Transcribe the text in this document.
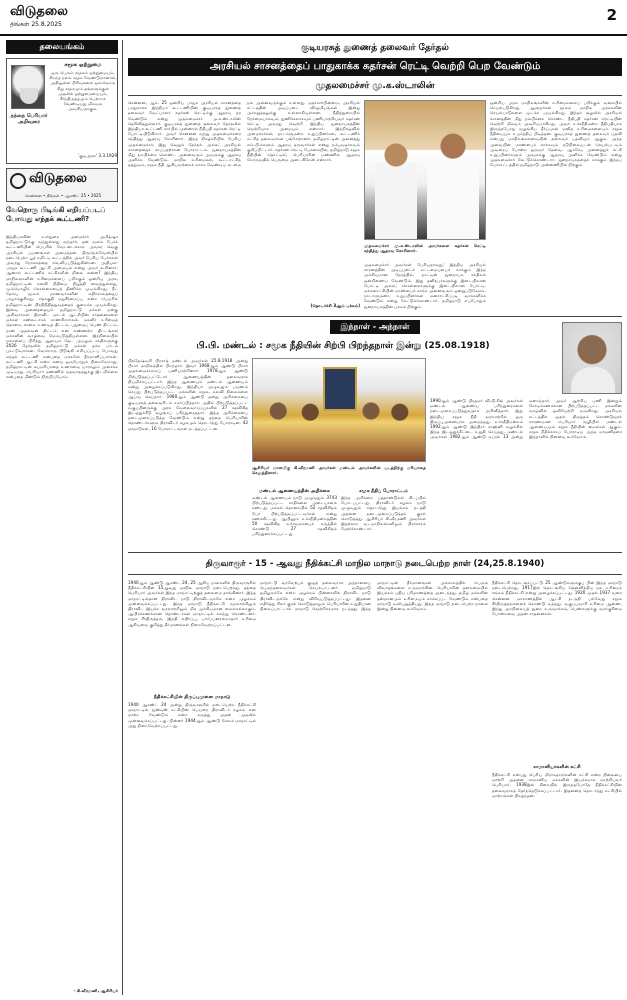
விடுதலை
திங்கள் 25.8.2025
2
தலையங்கம்
சமூக ஒற்றுமை
ஒரு பெரும் சமூகம் ஒற்றுமையும், சிறந்த நல்ல சமூக வேண்டுமானால், அதிலுள்ள பிரிவுகளை ஒவ்வொரு சிறு சமூகமும் தங்களுக்குள் முதலில் ஒற்றுமையையும், சீர்ந்திருத்தமும் பெற்றாக வேண்டியது மிகவும் அவசியமாகும்.
தந்தை பெரியார் அறிவுரை
'குடிஅரசு' 3.3.1929
விடுதலை
சென்னை • திங்கள் • ஆகஸ்ட் 25 • 2025
வேறொரு பிடிங்கி எறியப்படப் போவது எந்தக் கூட்டணி?
இந்தியாவின் உள்துறை அமைச்சர் அமித்ஷா தமிழ்நாட்டுக்கு வந்துள்ளது வந்தார், தன் வளம் பேசக் கூட்டணியின் பெயரில் வேட்டைக்காக அவசர வெகு அரசியல் பயணங்கள் அமைந்தன. திருநெல்வேலியில் நடைபெற்ற பூத் கமிட்டி கூட்டத்தில் அவர் பேசிய பேச்சுகள் அவரது நோக்கத்தை வெளிப்படுத்துகின்றன. அதிமுக-பாஜக கூட்டணி ஆட்சி அமையும் என்று அவர் கூறினார். ஆனால் கூட்டணிக் கட்சிகளின் நிலை என்ன? இந்திய மாநிலங்களின் உரிமைகளைப் பறிக்கும் ஒன்றிய அரசு, தமிழ்நாட்டின் கல்வி நிதியை நிறுத்தி வைத்துள்ளது. மும்மொழிக் கொள்கையைத் திணிக்க முயல்கிறது. நீட் தேர்வு மூலம் மாணவர்களின் எதிர்காலத்தைப் பாழாக்குகிறது. தொகுதி மறுசீரமைப்பு என்ற பெயரில் தமிழ்நாட்டின் பிரதிநிதித்துவத்தைக் குறைக்க முயல்கிறது. இவை அனைத்தையும் தமிழ்நாட்டு மக்கள் நன்கு அறிவார்கள். திராவிட மாடல் ஆட்சியின் சாதனைகளை மக்கள் கண்கூடாகக் காண்கிறார்கள். மகளிர் உரிமைத் தொகை, காலை உணவுத் திட்டம், புதுமைப் பெண் திட்டம், நான் முதல்வன் திட்டம் என எண்ணற்ற திட்டங்கள் மக்களின் வாழ்வை மேம்படுத்தியுள்ளன. இந்நிலையில் மக்களைப் பிரித்து ஆதாயம் தேட முயலும் சக்திகளுக்கு 2026 தேர்தலில் தமிழ்நாட்டு மக்கள் தக்க பாடம் புகட்டுவார்கள். வேறொரு பிடுங்கி எறியப்படப் போவது எந்தக் கூட்டணி என்பதை மக்களே தீர்மானிப்பார்கள். கூட்டணி ஆட்சி என்ற கனவு ஒருபோதும் நிறைவேறாது. தமிழ்நாட்டின் சுயமரியாதை உணர்வை யாராலும் அசைக்க முடியாது. பெரியார் மண்ணில் மதவாதத்துக்கு இடமில்லை என்பதை மீண்டும் நிரூபிப்போம்.
- கி.வீரமணி, ஆசிரியர்
குடியரசுத் துணைத் தலைவர் தேர்தல்
அரசியல் சாசனத்தைப் பாதுகாக்க சுதர்சன் ரெட்டி வெற்றி பெற வேண்டும்
முதலமைச்சர் மு.க.ஸ்டாலின்
சென்னை, ஆக. 25 ஒன்றிய பாஜக அரசியல் சாசனத்தை பாதுகாக்க இந்தியா கூட்டணியின் குடியரசுத் துணைத் தலைவர் வேட்பாளர் சுதர்சன் ரெட்டிக்கு ஆதரவு தர வேண்டும் என்று முதலமைச்சர் மு.க.ஸ்டாலின் தெரிவித்துள்ளார். குடியரசுத் துணைத் தலைவர் தேர்தலில் இந்தியா கூட்டணி சார்பில் முன்னாள் நீதிபதி சுதர்சன் ரெட்டி போட்டியிடுகிறார். அவர் சென்னை வந்து முதலமைச்சரை சந்தித்து ஆதரவு கோரினார். இந்த நிகழ்ச்சியில் பேசிய முதலமைச்சர், இது வெறும் தேர்தல் அல்ல; அரசியல் சாசனத்தைக் காப்பதற்கான போராட்டம். ஜனநாயகத்தின் மீது நம்பிக்கை கொண்ட அனைவரும் அவருக்கு ஆதரவு அளிக்க வேண்டும். மாநில உரிமைகள், கூட்டாட்சித் தத்துவம், சமூக நீதி ஆகியவற்றைக் காக்க வேண்டிய கடமை நம் அனைவருக்கும் உள்ளது. மதச்சார்பின்மை, அரசியல் சட்டத்தின் அடிப்படை விழுமியங்கள் இன்று அச்சுறுத்தலுக்கு உள்ளாகியுள்ளன. நீதித்துறையில் நேர்மையாகவும், துணிச்சலாகவும் பணியாற்றியவர் சுதர்சன் ரெட்டி. அவரது வெற்றி இந்திய ஜனநாயகத்தின் வெற்றியாக அமையும் என்றார். இந்நிகழ்வில் அமைச்சர்கள், நாடாளுமன்ற உறுப்பினர்கள், கூட்டணிக் கட்சித் தலைவர்கள் பங்கேற்றனர். தமிழ்நாட்டின் அனைத்து எம்.பி.க்களும் ஆதரவு தருவார்கள் என்று நம்புவதாகவும் குறிப்பிட்டார். சுதர்சன் ரெட்டி பேசுகையில், தமிழ்நாடு சமூக நீதியின் தொட்டில்; பெரியாரின் மண்ணில் ஆதரவு கோருவதில் பெருமை அடைகிறேன் என்றார்.
(தொடர்ச்சி 3ஆம் பக்கம்)
முதலமைச்சர் மு.க.ஸ்டாலின் அவர்களை சுதர்சன் ரெட்டி சந்தித்து ஆதரவு கோரினார்.
முதலமைச்சர் அவர்கள் பேசியதாவது: இந்திய அரசியல் சாசனத்தின் அடிப்படைக் கட்டமைப்பைக் காக்கும் இந்த முக்கியமான நேரத்தில், நாட்டின் ஜனநாயக சக்திகள் ஒன்றிணைய வேண்டும். இது தனிநபர்களுக்கு இடையிலான போட்டி அல்ல; கொள்கைகளுக்கு இடையிலான போட்டி. மக்களாட்சியின் மாண்பைக் காக்க அனைவரும் ஒன்றுபடுவோம். நாடாளுமன்ற உறுப்பினர்கள் மனசாட்சிப்படி வாக்களிக்க வேண்டும் என்று கேட்டுக்கொண்டார். தமிழ்நாடு எப்போதும் ஜனநாயகத்தின் பக்கம் நிற்கும்.
ஒன்றிய அரசு மாநிலங்களின் உரிமைகளைப் பறிக்கும் வகையில் செயல்படுகிறது. ஆளுநர்கள் மூலம் மாநில அரசுகளின் செயல்பாடுகளை முடக்க முயல்கிறது. இந்தச் சூழலில் அரசியல் சாசனத்தின் மீது நம்பிக்கை கொண்ட நீதிபதி சுதர்சன் ரெட்டியின் வெற்றி மிகவும் அவசியமாகிறது. அவர் உச்சநீதிமன்ற நீதிபதியாக இருந்தபோது வழங்கிய தீர்ப்புகள் மனித உரிமைகளையும் சமூக நீதியையும் உயர்த்திப் பிடித்தன. குடியரசுத் துணைத் தலைவர் பதவி என்பது மாநிலங்களவையின் தலைவர் பதவியும் ஆகும். அந்த அவையின் மாண்பைக் காக்கவும் நடுநிலையுடன் செயல்படவும் அவரைப் போன்ற ஒருவர் தேவை. ஆகவே, அனைத்துக் கட்சி உறுப்பினர்களும் அவருக்கு ஆதரவு அளிக்க வேண்டும் என்று முதலமைச்சர் கேட்டுக்கொண்டார். ஜனநாயகத்தைக் காக்கும் இந்தப் போராட்டத்தில் தமிழ்நாடு முன்னணியில் நிற்கும்.
இந்நாள் - அந்நாள்
பி.பி. மண்டல் : சமூக நீதியின் சிற்பி பிறந்தநாள் இன்று (25.08.1918)
பிந்தேஷ்வரி பிரசாத் மண்டல் அவர்கள் 25.8.1918 அன்று பீகார் மாநிலத்தில் பிறந்தார். இவர் 1968ஆம் ஆண்டு பீகார் முதலமைச்சராகப் பணியாற்றினார். 1978ஆம் ஆண்டு பிற்படுத்தப்பட்டோர் ஆணையத்தின் தலைவராக நியமிக்கப்பட்டார். இந்த ஆணையம் மண்டல் ஆணையம் என்று அழைக்கப்படுகிறது. இந்தியா முழுவதும் பயணம் செய்து பிற்படுத்தப்பட்ட மக்களின் சமூக, கல்வி நிலைகளை ஆய்வு செய்தார். 1980ஆம் ஆண்டு தனது அறிக்கையை குடியரசுத் தலைவரிடம் சமர்ப்பித்தார். அதில் பிற்படுத்தப்பட்ட வகுப்பினருக்கு அரசு வேலைவாய்ப்புகளில் 27 சதவிகித இடஒதுக்கீடு வழங்கப் பரிந்துரைத்தார். இந்த அறிக்கையை நடைமுறைப்படுத்த வேண்டும் என்று தந்தை பெரியாரின் தொண்டர்களும் திராவிடர் கழகமும் தொடர்ந்து போராடின. 42 மாநாடுகள், 16 போராட்டங்கள் நடத்தப்பட்டன.
ஆசிரியர் மானமிகு கி.வீரமணி அவர்கள் மண்டல் அவர்களின் படத்திற்கு மரியாதை செலுத்தினார்.
மண்டல் ஆணையத்தின் அறிக்கை
மண்டல் ஆணையம் நாடு முழுவதும் 3743 பிற்படுத்தப்பட்ட சாதிகளை அடையாளம் கண்டது. மக்கள் தொகையில் 52 சதவிகிதம் பேர் பிற்படுத்தப்பட்டவர்கள் என்று கணக்கிட்டது. ஆயினும் உச்சநீதிமன்றத்தின் 50 சதவிகித உச்சவரம்பைக் கருத்தில் கொண்டு 27 சதவிகிதம் பரிந்துரைக்கப்பட்டது.
சமூக நீதிப் போராட்டம்
இந்த அறிக்கை பத்தாண்டுகள் கிடப்பில் போடப்பட்டது. திராவிடர் கழகம் நாடு முழுவதும் தொடர்ந்து இயக்கம் நடத்தி அதனை நடைமுறைப்படுத்தக் குரல் கொடுத்தது. ஆசிரியர் கி.வீரமணி அவர்கள் இதற்காக வடமாநிலங்களிலும் பிரச்சாரம் மேற்கொண்டார்.
1990ஆம் ஆண்டு பிரதமர் வி.பி.சிங் அவர்கள் மண்டல் ஆணைய பரிந்துரைகளை நடைமுறைப்படுத்துவதாக அறிவித்தார். இது இந்திய சமூக நீதி வரலாற்றில் ஒரு திருப்புமுனையாக அமைந்தது. உச்சநீதிமன்றம் 1992ஆம் ஆண்டு இந்திரா சாஹ்னி வழக்கில் இந்த இடஒதுக்கீட்டை உறுதி செய்தது. மண்டல் அவர்கள் 1982ஆம் ஆண்டு ஏப்ரல் 13 அன்று மறைந்தார். அவர் ஆற்றிய பணி இன்றும் கோடிக்கணக்கான பிற்படுத்தப்பட்ட மக்களின் வாழ்வில் ஒளியேற்றி வருகிறது. அரசியல் சட்டத்தில் முதல் திருத்தம் கொண்டுவரக் காரணமான பெரியார் வழியில் மண்டல் ஆணையமும் சமூக நீதியின் மைல்கல் ஆகும். சமூக நீதிக்காகப் போராடிய அந்த மாமனிதரை இந்நாளில் நினைவு கூர்வோம்.
திருவாரூர் - 15 - ஆவது நீதிக்கட்சி மாநில மாநாடு நடைபெற்ற நாள் (24,25.8.1940)
1940ஆம் ஆண்டு ஆகஸ்ட் 24, 25 ஆகிய நாள்களில் திருவாரூரில் நீதிக்கட்சியின் 15ஆவது மாநில மாநாடு நடைபெற்றது. தந்தை பெரியார் அவர்கள் இந்த மாநாட்டிற்குத் தலைமை தாங்கினார். இந்த மாநாட்டில்தான் திராவிட நாடு திராவிடருக்கே என்ற முழக்கம் முன்வைக்கப்பட்டது. இந்த மாநாடு நீதிக்கட்சி வரலாற்றிலும் திராவிட இயக்க வரலாற்றிலும் மிக முக்கியமான மைல்கல்லாகும். ஆயிரக்கணக்கான தொண்டர்கள் மாநாட்டில் கலந்து கொண்டனர். சமூக சீர்திருத்தம், இந்தி எதிர்ப்பு, பார்ப்பனரல்லாதார் உரிமை ஆகியவை குறித்து தீர்மானங்கள் நிறைவேற்றப்பட்டன.
நீதிக்கட்சியின் திருப்புமுனை மாநாடு
1940 ஆகஸ்ட் 24 அன்று திருவாரூரில் நடைபெற்ற நீதிக்கட்சி மாநாட்டில் ஜஸ்டிஸ் கட்சியின் பெயரை திராவிடர் கழகம் என மாற்ற வேண்டும் என்ற கருத்து முதன் முதலில் முன்வைக்கப்பட்டது. பின்னர் 1944ஆம் ஆண்டு சேலம் மாநாட்டில் அது நிறைவேற்றப்பட்டது.
மாநாட்டு வரவேற்புக் குழுத் தலைவராக அந்நாளைய பெருந்தலைவர்கள் செயல்பட்டனர். தமிழ்நாடு தமிழருக்கே என்ற முழக்கம் பின்னாளில் திராவிட நாடு திராவிடருக்கே என்று விரிவுபடுத்தப்பட்டது. இதனை எதிர்த்து சிலர் குரல் கொடுத்தாலும் பெரியாரின் உறுதியான நிலைப்பாட்டால் மாநாடு வெற்றிகரமாக நடந்தது. இந்த மாநாட்டின் தீர்மானங்கள் அக்காலத்தில் பெரும் விவாதங்களை உருவாக்கின. பெரியாரின் தலைமையில் இயக்கம் புதிய பரிமாணத்தை அடைந்தது. தமிழ் மக்களின் தன்மானமும் உரிமையும் காக்கப்பட வேண்டும் என்பதை மாநாடு வலியுறுத்தியது. இந்த மாநாடு நடைபெற்ற நாளை இன்று நினைவு கூர்வோம்.
நீதிக்கட்சி தொடங்கப்பட்டு 25 ஆண்டுகளுக்குப் பின் இந்த மாநாடு நடைபெற்றது. 1917இல் தொடங்கிய தென்னிந்திய நல உரிமைச் சங்கம் நீதிக்கட்சி என்று அழைக்கப்பட்டது. 1920 முதல் 1937 வரை சென்னை மாகாணத்தில் ஆட்சி நடத்தி பல்வேறு சமூக சீர்திருத்தங்களைக் கொண்டு வந்தது. வகுப்புவாரி உரிமை ஆணை, இந்து அறநிலையத் துறை உருவாக்கம், பெண்களுக்கு வாக்குரிமை போன்றவை அதன் சாதனைகள்.
சாமானியர்களின் கட்சி
நீதிக்கட்சி என்பது பெரிய மிராசுதாரர்களின் கட்சி என்ற நிலையை மாற்றி அதனை சாமானிய மக்களின் இயக்கமாக மாற்றியவர் பெரியார். 1938இல் சிறையில் இருந்தபோதே நீதிக்கட்சியின் தலைவராகத் தேர்ந்தெடுக்கப்பட்டார். இதனைத் தொடர்ந்து கட்சியில் மாற்றங்கள் நிகழ்ந்தன.
